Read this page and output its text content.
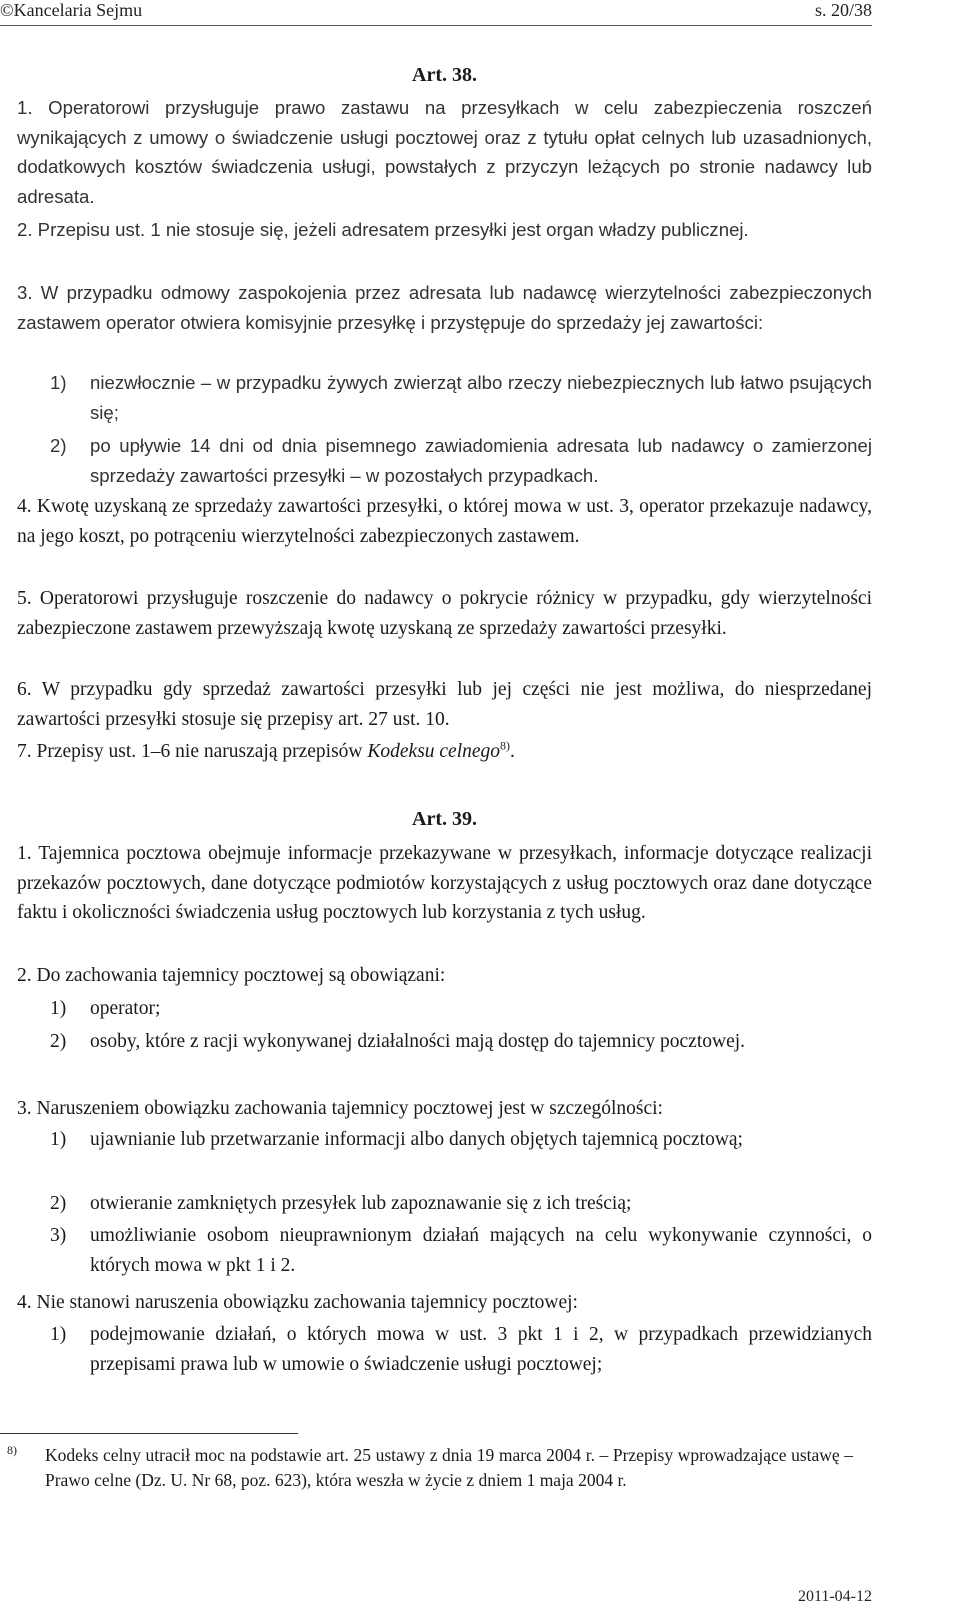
©Kancelaria Sejmu	s. 20/38
Art. 38.
1. Operatorowi przysługuje prawo zastawu na przesyłkach w celu zabezpieczenia roszczeń wynikających z umowy o świadczenie usługi pocztowej oraz z tytułu opłat celnych lub uzasadnionych, dodatkowych kosztów świadczenia usługi, powstałych z przyczyn leżących po stronie nadawcy lub adresata.
2. Przepisu ust. 1 nie stosuje się, jeżeli adresatem przesyłki jest organ władzy publicznej.
3. W przypadku odmowy zaspokojenia przez adresata lub nadawcę wierzytelności zabezpieczonych zastawem operator otwiera komisyjnie przesyłkę i przystępuje do sprzedaży jej zawartości:
1) niezwłocznie – w przypadku żywych zwierząt albo rzeczy niebezpiecznych lub łatwo psujących się;
2) po upływie 14 dni od dnia pisemnego zawiadomienia adresata lub nadawcy o zamierzonej sprzedaży zawartości przesyłki – w pozostałych przypadkach.
4. Kwotę uzyskaną ze sprzedaży zawartości przesyłki, o której mowa w ust. 3, operator przekazuje nadawcy, na jego koszt, po potrąceniu wierzytelności zabezpieczonych zastawem.
5. Operatorowi przysługuje roszczenie do nadawcy o pokrycie różnicy w przypadku, gdy wierzytelności zabezpieczone zastawem przewyższają kwotę uzyskaną ze sprzedaży zawartości przesyłki.
6. W przypadku gdy sprzedaż zawartości przesyłki lub jej części nie jest możliwa, do niesprzedanej zawartości przesyłki stosuje się przepisy art. 27 ust. 10.
7. Przepisy ust. 1–6 nie naruszają przepisów Kodeksu celnego$^{8)}$.
Art. 39.
1. Tajemnica pocztowa obejmuje informacje przekazywane w przesyłkach, informacje dotyczące realizacji przekazów pocztowych, dane dotyczące podmiotów korzystających z usług pocztowych oraz dane dotyczące faktu i okoliczności świadczenia usług pocztowych lub korzystania z tych usług.
2. Do zachowania tajemnicy pocztowej są obowiązani:
1) operator;
2) osoby, które z racji wykonywanej działalności mają dostęp do tajemnicy pocztowej.
3. Naruszeniem obowiązku zachowania tajemnicy pocztowej jest w szczególności:
1) ujawnianie lub przetwarzanie informacji albo danych objętych tajemnicą pocztową;
2) otwieranie zamkniętych przesyłek lub zapoznawanie się z ich treścią;
3) umożliwianie osobom nieuprawnionym działań mających na celu wykonywanie czynności, o których mowa w pkt 1 i 2.
4. Nie stanowi naruszenia obowiązku zachowania tajemnicy pocztowej:
1) podejmowanie działań, o których mowa w ust. 3 pkt 1 i 2, w przypadkach przewidzianych przepisami prawa lub w umowie o świadczenie usługi pocztowej;
8) Kodeks celny utracił moc na podstawie art. 25 ustawy z dnia 19 marca 2004 r. – Przepisy wprowadzające ustawę – Prawo celne (Dz. U. Nr 68, poz. 623), która weszła w życie z dniem 1 maja 2004 r.
2011-04-12
